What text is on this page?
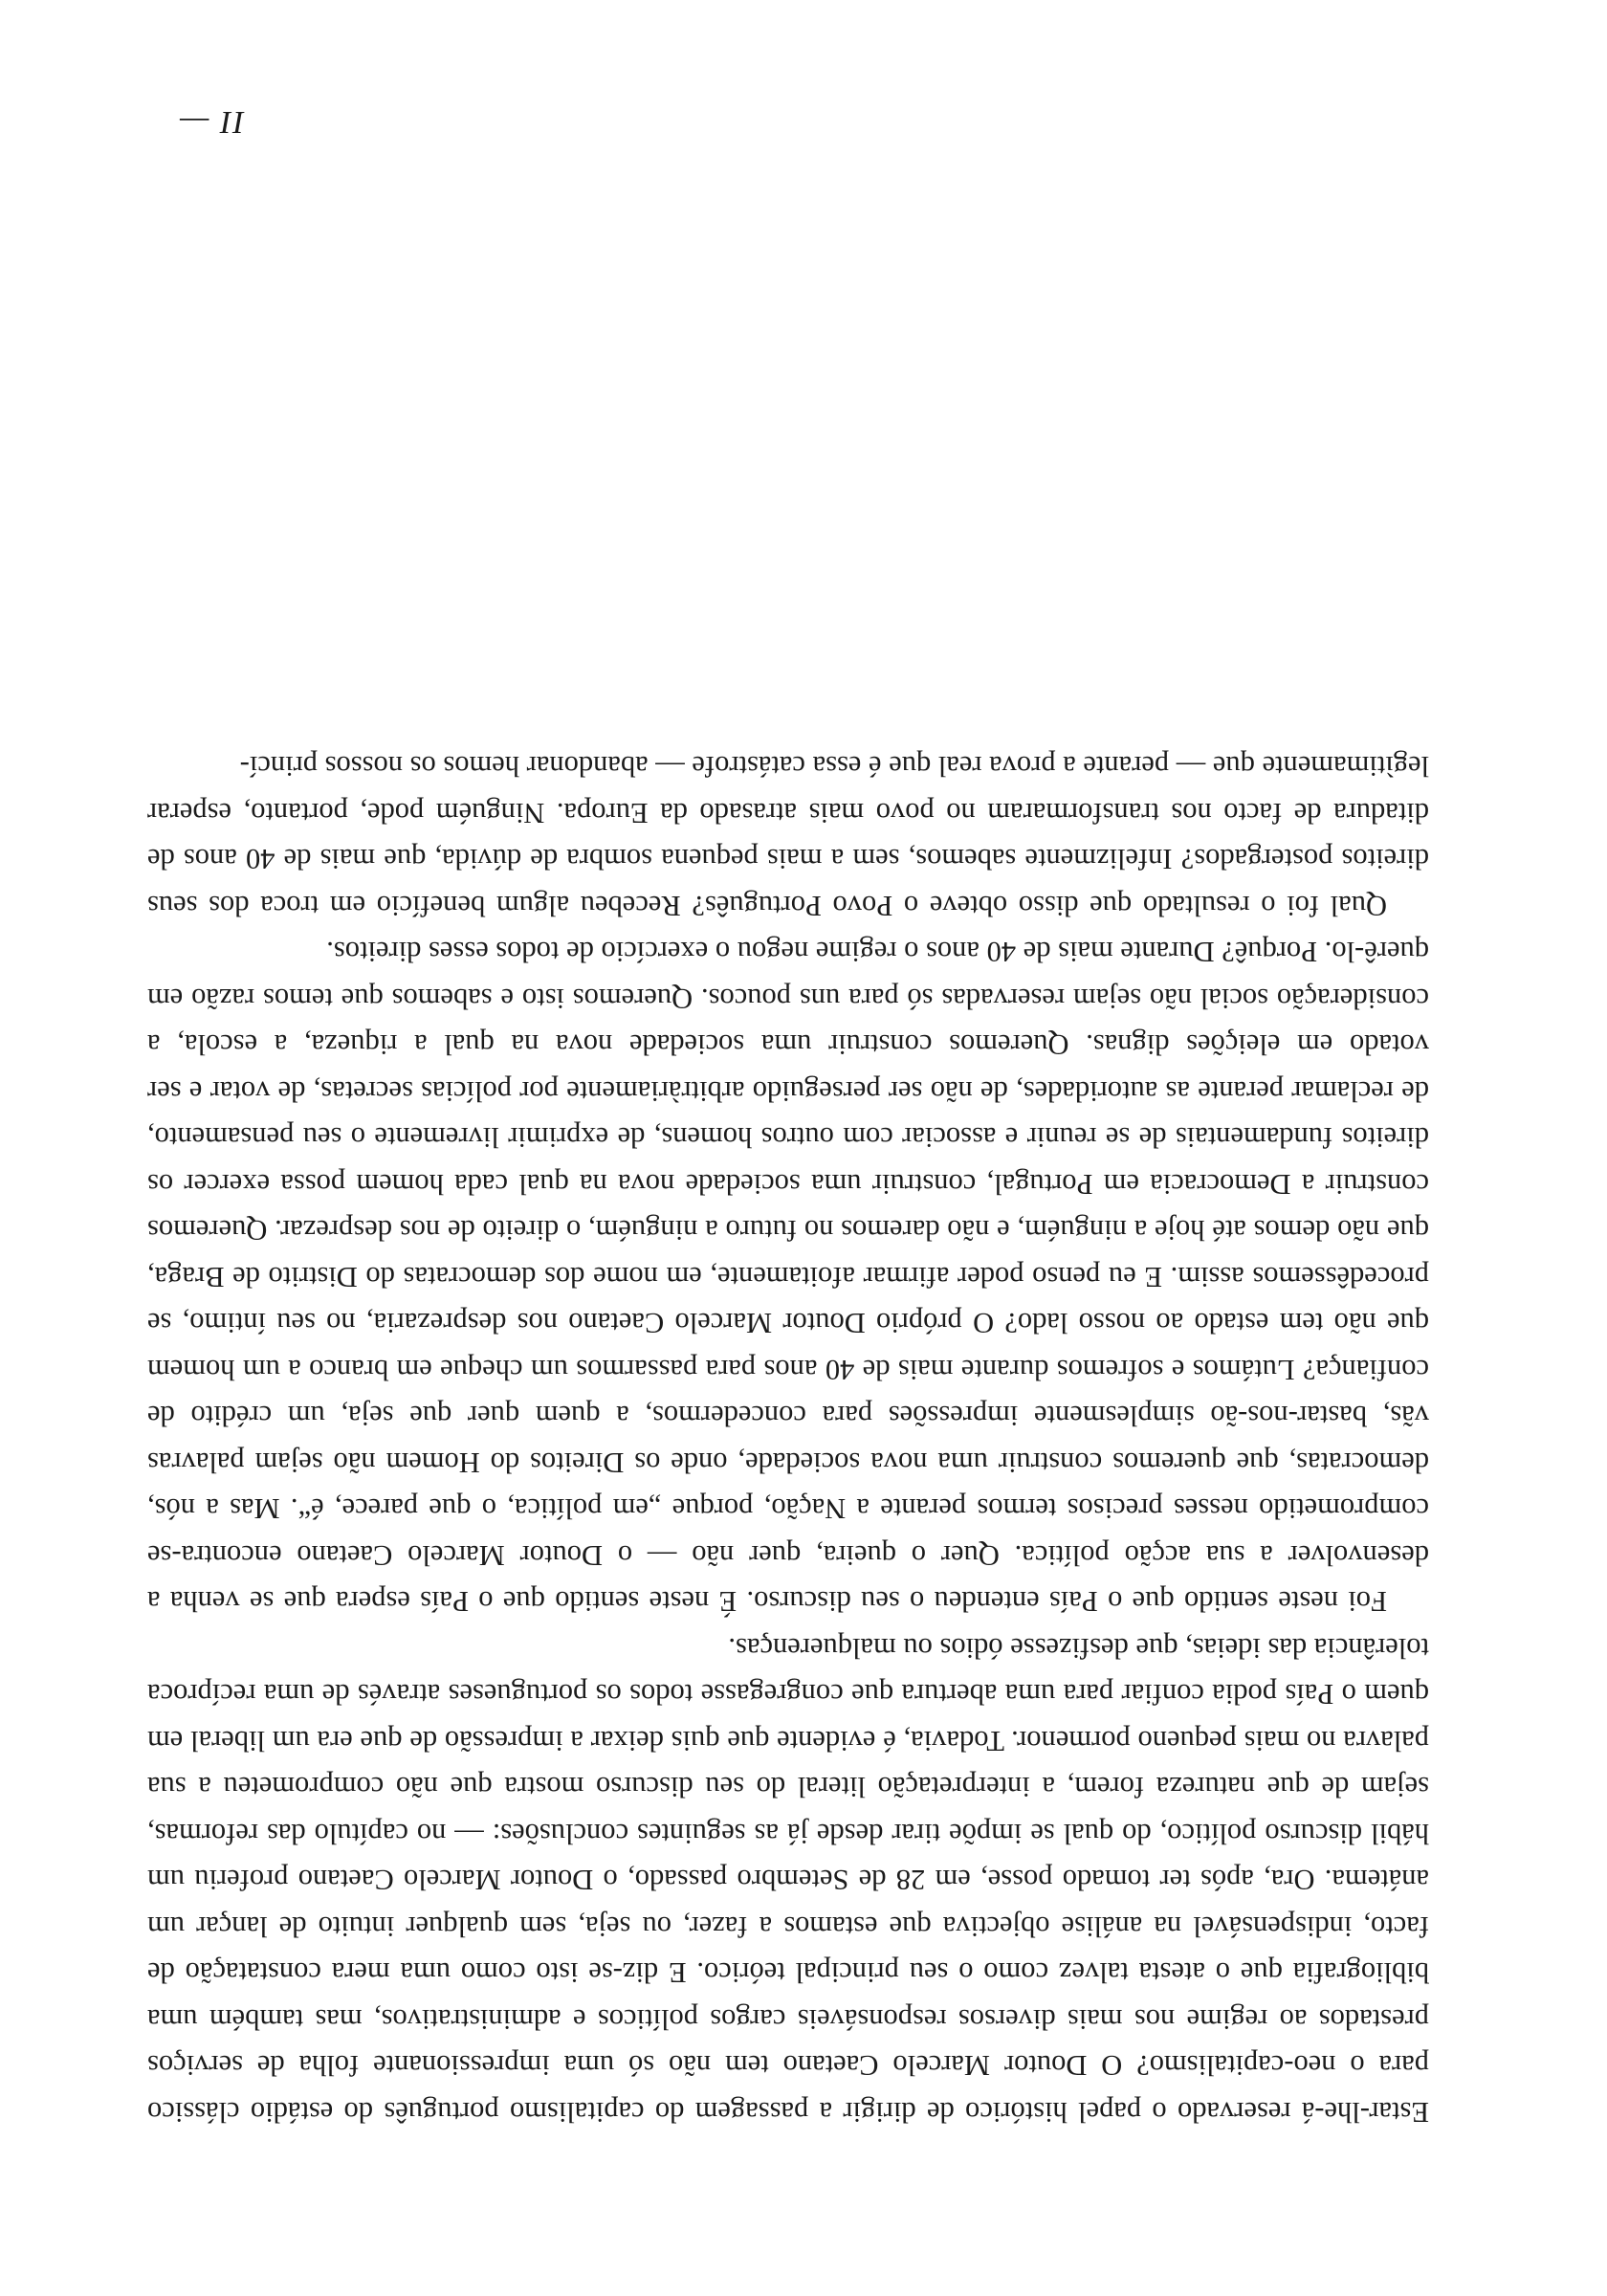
Estar-lhe-á reservado o papel histórico de dirigir a passagem do capitalismo português do estádio clássico para o neo-capitalismo? O Doutor Marcelo Caetano tem não só uma impressionante folha de serviços prestados ao regime nos mais diversos responsáveis cargos políticos e administrativos, mas também uma bibliografia que o atesta talvez como o seu principal teórico. E diz-se isto como uma mera constatação de facto, indispensável na análise objectiva que estamos a fazer, ou seja, sem qualquer intuito de lançar um anátema. Ora, após ter tomado posse, em 28 de Setembro passado, o Doutor Marcelo Caetano proferiu um hábil discurso político, do qual se impõe tirar desde já as seguintes conclusões: — no capítulo das reformas, sejam de que natureza forem, a interpretação literal do seu discurso mostra que não comprometeu a sua palavra no mais pequeno pormenor. Todavia, é evidente que quis deixar a impressão de que era um liberal em quem o País podia confiar para uma abertura que congregasse todos os portugueses através de uma recíproca tolerância das ideias, que desfizesse ódios ou malquerenças.

Foi neste sentido que o País entendeu o seu discurso. É neste sentido que o País espera que se venha a desenvolver a sua acção política. Quer o queira, quer não — o Doutor Marcelo Caetano encontra-se comprometido nesses precisos termos perante a Nação, porque „em política, o que parece, é“. Mas a nós, democratas, que queremos construir uma nova sociedade, onde os Direitos do Homem não sejam palavras vãs, bastar-nos-ão simplesmente impressões para concedermos, a quem quer que seja, um crédito de confiança? Lutámos e sofremos durante mais de 40 anos para passarmos um cheque em branco a um homem que não tem estado ao nosso lado? O próprio Doutor Marcelo Caetano nos desprezaria, no seu íntimo, se procedêssemos assim. E eu penso poder afirmar afoitamente, em nome dos democratas do Distrito de Braga, que não demos até hoje a ninguém, e não daremos no futuro a ninguém, o direito de nos desprezar. Queremos construir a Democracia em Portugal, construir uma sociedade nova na qual cada homem possa exercer os direitos fundamentais de se reunir e associar com outros homens, de exprimir livremente o seu pensamento, de reclamar perante as autoridades, de não ser perseguido arbitràriamente por polícias secretas, de votar e ser votado em eleições dignas. Queremos construir uma sociedade nova na qual a riqueza, a escola, a consideração social não sejam reservadas só para uns poucos. Queremos isto e sabemos que temos razão em querê-lo. Porquê? Durante mais de 40 anos o regime negou o exercício de todos esses direitos.

Qual foi o resultado que disso obteve o Povo Português? Recebeu algum benefício em troca dos seus direitos postergados? Infelizmente sabemos, sem a mais pequena sombra de dúvida, que mais de 40 anos de ditadura de facto nos transformaram no povo mais atrasado da Europa. Ninguém pode, portanto, esperar legìtimamente que — perante a prova real que é essa catástrofe — abandonar hemos os nossos princí-

II —
